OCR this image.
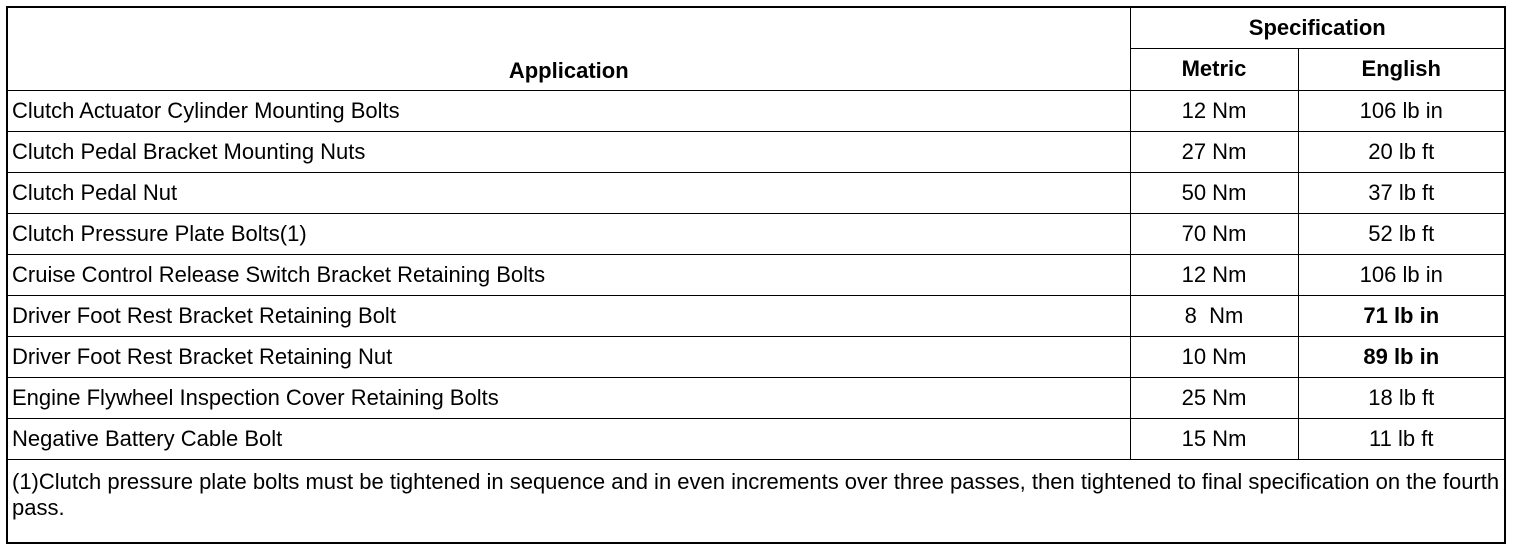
Application	Specification	
	Metric	English
Clutch Actuator Cylinder Mounting Bolts	12 Nm	106 lb in
Clutch Pedal Bracket Mounting Nuts	27 Nm	20 lb ft
Clutch Pedal Nut	50 Nm	37 lb ft
Clutch Pressure Plate Bolts(1)	70 Nm	52 lb ft
Cruise Control Release Switch Bracket Retaining Bolts	12 Nm	106 lb in
Driver Foot Rest Bracket Retaining Bolt	8  Nm	71 lb in
Driver Foot Rest Bracket Retaining Nut	10 Nm	89 lb in
Engine Flywheel Inspection Cover Retaining Bolts	25 Nm	18 lb ft
Negative Battery Cable Bolt	15 Nm	11 lb ft
(1)Clutch pressure plate bolts must be tightened in sequence and in even increments over three passes, then tightened to final specification on the fourth pass.		
